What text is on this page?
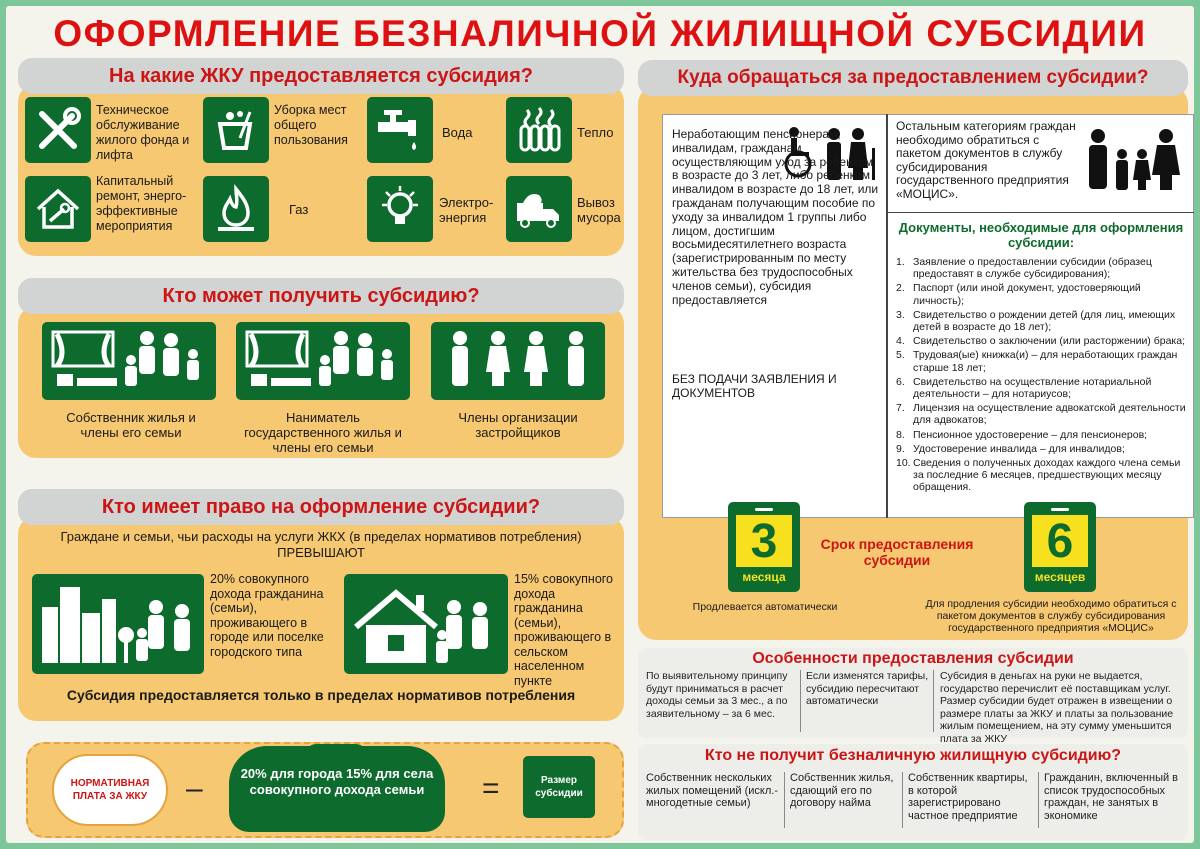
ОФОРМЛЕНИЕ БЕЗНАЛИЧНОЙ ЖИЛИЩНОЙ СУБСИДИИ
На какие ЖКУ предоставляется субсидия?
Техническое обслуживание жилого фонда и лифта
Уборка мест общего пользования	Вода	Тепло
Капитальный ремонт, энерго-эффективные мероприятия
Газ	Электро-энергия
Вывоз мусора
Кто может получить субсидию?
Собственник жилья и члены его семьи
Наниматель государственного жилья и члены его семьи
Члены организации застройщиков
Кто имеет право на оформление субсидии?
Граждане и семьи, чьи расходы на услуги ЖКХ (в пределах нормативов потребления)
ПРЕВЫШАЮТ
20% совокупного дохода гражданина (семьи), проживающего в городе или поселке городского типа
15% совокупного дохода гражданина (семьи), проживающего в сельском населенном пункте
Субсидия предоставляется только в пределах нормативов потребления
НОРМАТИВНАЯ ПЛАТА ЗА ЖКУ	–	20% для города 15% для села совокупного дохода семьи	=	Размер субсидии
Куда обращаться за предоставлением субсидии?
Неработающим пенсионерам, инвалидам, гражданам осуществляющим уход за ребенком в возрасте до 3 лет, либо ребенком инвалидом в возрасте до 18 лет, или гражданам получающим пособие по уходу за инвалидом 1 группы либо лицом, достигшим восьмидесятилетнего возраста (зарегистрированным по месту жительства без трудоспособных членов семьи), субсидия предоставляется
БЕЗ ПОДАЧИ ЗАЯВЛЕНИЯ И ДОКУМЕНТОВ
Остальным категориям граждан необходимо обратиться с пакетом документов в службу субсидирования государственного предприятия «МОЦИС».
Документы, необходимые для оформления субсидии:
1. Заявление о предоставлении субсидии (образец предоставят в службе субсидирования);
2. Паспорт (или иной документ, удостоверяющий личность);
3. Свидетельство о рождении детей (для лиц, имеющих детей в возрасте до 18 лет);
4. Свидетельство о заключении (или расторжении) брака;
5. Трудовая(ые) книжка(и) – для неработающих граждан старше 18 лет;
6. Свидетельство на осуществление нотариальной деятельности – для нотариусов;
7. Лицензия на осуществление адвокатской деятельности для адвокатов;
8. Пенсионное удостоверение – для пенсионеров;
9. Удостоверение инвалида – для инвалидов;
10. Сведения о полученных доходах каждого члена семьи за последние 6 месяцев, предшествующих месяцу обращения.
3
месяца
Продлевается автоматически
Срок предоставления субсидии	6
месяцев
Для продления субсидии необходимо обратиться с пакетом документов в службу субсидирования государственного предприятия «МОЦИС»
Особенности предоставления субсидии
По выявительному принципу будут приниматься в расчет доходы семьи за 3 мес., а по заявительному – за 6 мес.
Если изменятся тарифы, субсидию пересчитают автоматически
Субсидия в деньгах на руки не выдается, государство перечислит её поставщикам услуг. Размер субсидии будет отражен в извещении о размере платы за ЖКУ и платы за пользование жилым помещением, на эту сумму уменьшится плата за ЖКУ
Кто не получит безналичную жилищную субсидию?
Собственник нескольких жилых помещений (искл.- многодетные семьи)
Собственник жилья, сдающий его по договору найма
Собственник квартиры, в которой зарегистрировано частное предприятие
Гражданин, включенный в список трудоспособных граждан, не занятых в экономике
